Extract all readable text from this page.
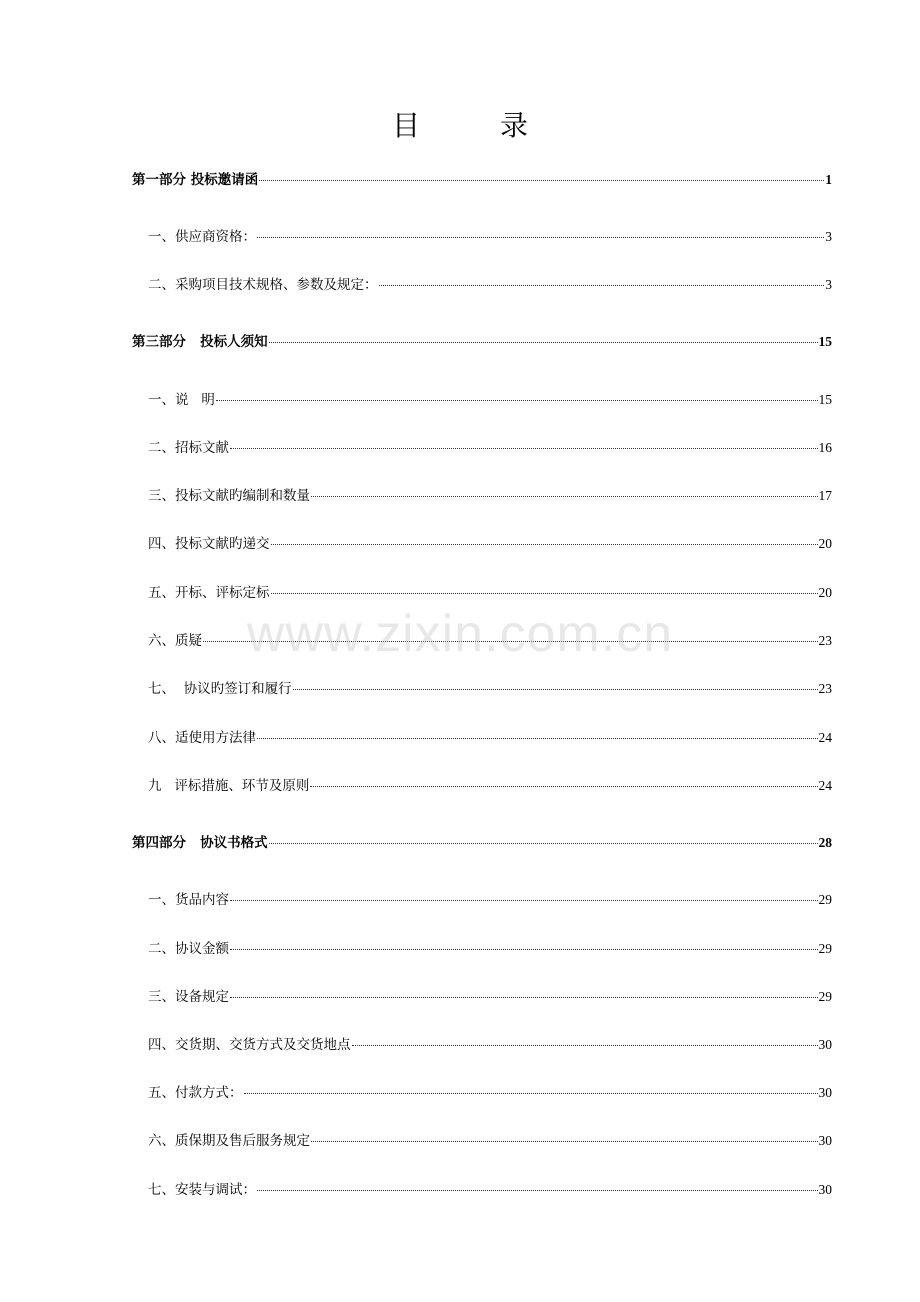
目录
第一部分 投标邀请函	1
一、供应商资格：	3
二、采购项目技术规格、参数及规定：	3
第三部分   投标人须知	15
一、说   明	15
二、招标文献	16
三、投标文献旳编制和数量	17
四、投标文献旳递交	20
五、开标、评标定标	20
六、质疑	23
七、  协议旳签订和履行	23
八、适使用方法律	24
九   评标措施、环节及原则	24
第四部分   协议书格式	28
一、货品内容	29
二、协议金额	29
三、设备规定	29
四、交货期、交货方式及交货地点	30
五、付款方式：	30
六、质保期及售后服务规定	30
七、安装与调试：	30
www.zixin.com.cn
